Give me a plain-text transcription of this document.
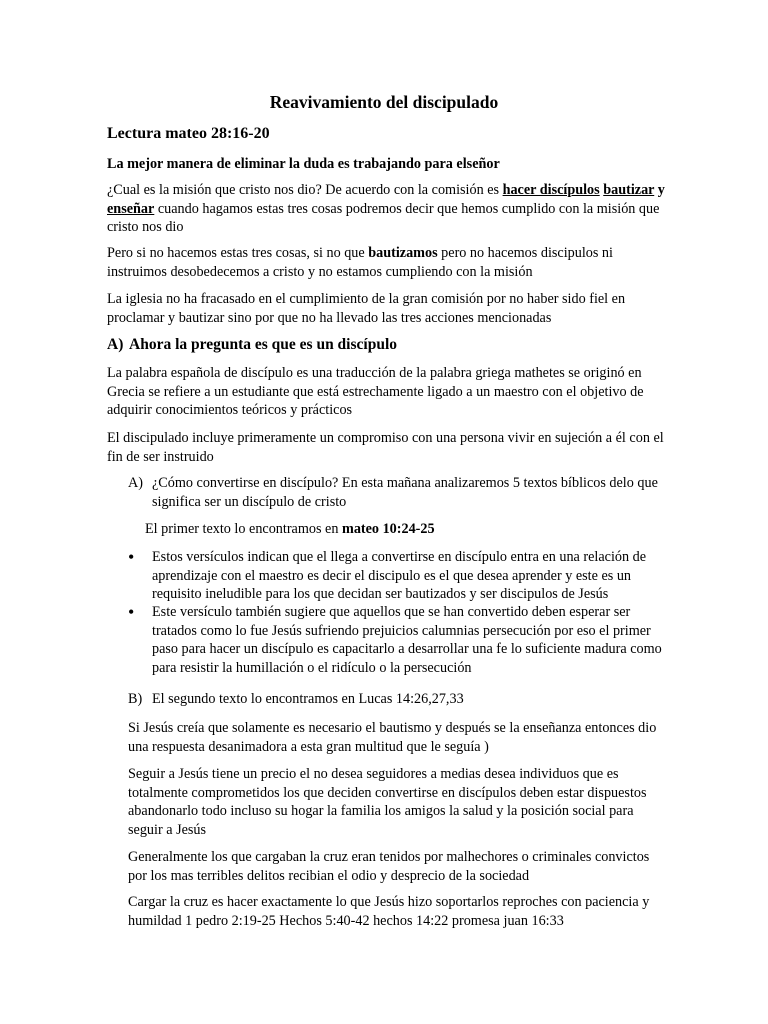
Reavivamiento del discipulado

Lectura mateo 28:16-20

La mejor manera de eliminar la duda es trabajando para elseñor

¿Cual es la misión que cristo nos dio? De acuerdo con la comisión es hacer discípulos bautizar y
enseñar cuando hagamos estas tres cosas podremos decir que hemos cumplido con la misión que cristo nos dio

Pero si no hacemos estas tres cosas, si no que bautizamos pero no hacemos discipulos ni instruimos desobedecemos a cristo y no estamos cumpliendo con la misión

La iglesia no ha fracasado en el cumplimiento de la gran comisión por no haber sido fiel en proclamar y bautizar sino por que no ha llevado las tres acciones mencionadas

A) Ahora la pregunta es que es un discípulo

La palabra española de discípulo es una traducción de la palabra griega mathetes se originó en Grecia se refiere a un estudiante que está estrechamente ligado a un maestro con el objetivo de adquirir conocimientos teóricos y prácticos

El discipulado incluye primeramente un compromiso con una persona vivir en sujeción a él con el fin de ser instruido

A) ¿Cómo convertirse en discípulo? En esta mañana analizaremos 5 textos bíblicos delo que significa ser un discípulo de cristo

El primer texto lo encontramos en mateo 10:24-25

• Estos versículos indican que el llega a convertirse en discípulo entra en una relación de aprendizaje con el maestro es decir el discipulo es el que desea aprender y este es un requisito ineludible para los que decidan ser bautizados y ser discipulos de Jesús

• Este versículo también sugiere que aquellos que se han convertido deben esperar ser tratados como lo fue Jesús sufriendo prejuicios calumnias persecución por eso el primer paso para hacer un discípulo es capacitarlo a desarrollar una fe lo suficiente madura como para resistir la humillación o el ridículo o la persecución

B) El segundo texto lo encontramos en Lucas 14:26,27,33

Si Jesús creía que solamente es necesario el bautismo y después se la enseñanza entonces dio una respuesta desanimadora a esta gran multitud que le seguía )

Seguir a Jesús tiene un precio el no desea seguidores a medias desea individuos que es totalmente comprometidos los que deciden convertirse en discípulos deben estar dispuestos abandonarlo todo incluso su hogar la familia los amigos la salud y la posición social para seguir a Jesús

Generalmente los que cargaban la cruz eran tenidos por malhechores o criminales convictos por los mas terribles delitos recibian el odio y desprecio de la sociedad

Cargar la cruz es hacer exactamente lo que Jesús hizo soportarlos reproches con paciencia y humildad 1 pedro 2:19-25 Hechos 5:40-42 hechos 14:22 promesa juan 16:33
